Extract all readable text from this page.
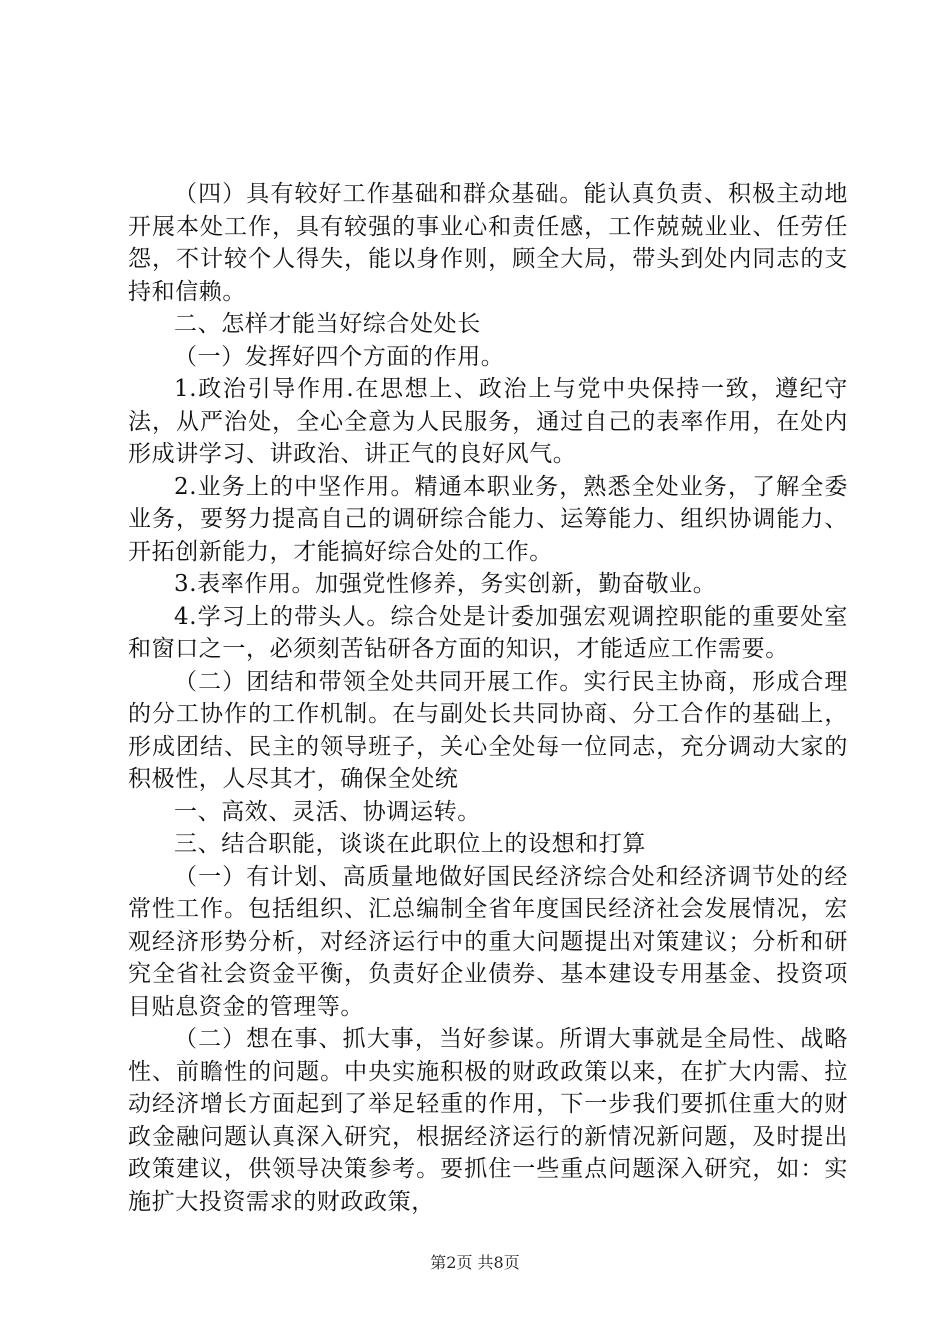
（四）具有较好工作基础和群众基础。能认真负责、积极主动地开展本处工作，具有较强的事业心和责任感，工作兢兢业业、任劳任怨，不计较个人得失，能以身作则，顾全大局，带头到处内同志的支持和信赖。

二、怎样才能当好综合处处长

（一）发挥好四个方面的作用。

1.政治引导作用.在思想上、政治上与党中央保持一致，遵纪守法，从严治处，全心全意为人民服务，通过自己的表率作用，在处内形成讲学习、讲政治、讲正气的良好风气。

2.业务上的中坚作用。精通本职业务，熟悉全处业务，了解全委业务，要努力提高自己的调研综合能力、运筹能力、组织协调能力、开拓创新能力，才能搞好综合处的工作。

3.表率作用。加强党性修养，务实创新，勤奋敬业。

4.学习上的带头人。综合处是计委加强宏观调控职能的重要处室和窗口之一，必须刻苦钻研各方面的知识，才能适应工作需要。

（二）团结和带领全处共同开展工作。实行民主协商，形成合理的分工协作的工作机制。在与副处长共同协商、分工合作的基础上，形成团结、民主的领导班子，关心全处每一位同志，充分调动大家的积极性，人尽其才，确保全处统

一、高效、灵活、协调运转。

三、结合职能，谈谈在此职位上的设想和打算

（一）有计划、高质量地做好国民经济综合处和经济调节处的经常性工作。包括组织、汇总编制全省年度国民经济社会发展情况，宏观经济形势分析，对经济运行中的重大问题提出对策建议；分析和研究全省社会资金平衡，负责好企业债券、基本建设专用基金、投资项目贴息资金的管理等。

（二）想在事、抓大事，当好参谋。所谓大事就是全局性、战略性、前瞻性的问题。中央实施积极的财政政策以来，在扩大内需、拉动经济增长方面起到了举足轻重的作用，下一步我们要抓住重大的财政金融问题认真深入研究，根据经济运行的新情况新问题，及时提出政策建议，供领导决策参考。要抓住一些重点问题深入研究，如：实施扩大投资需求的财政政策，

第2页 共8页
